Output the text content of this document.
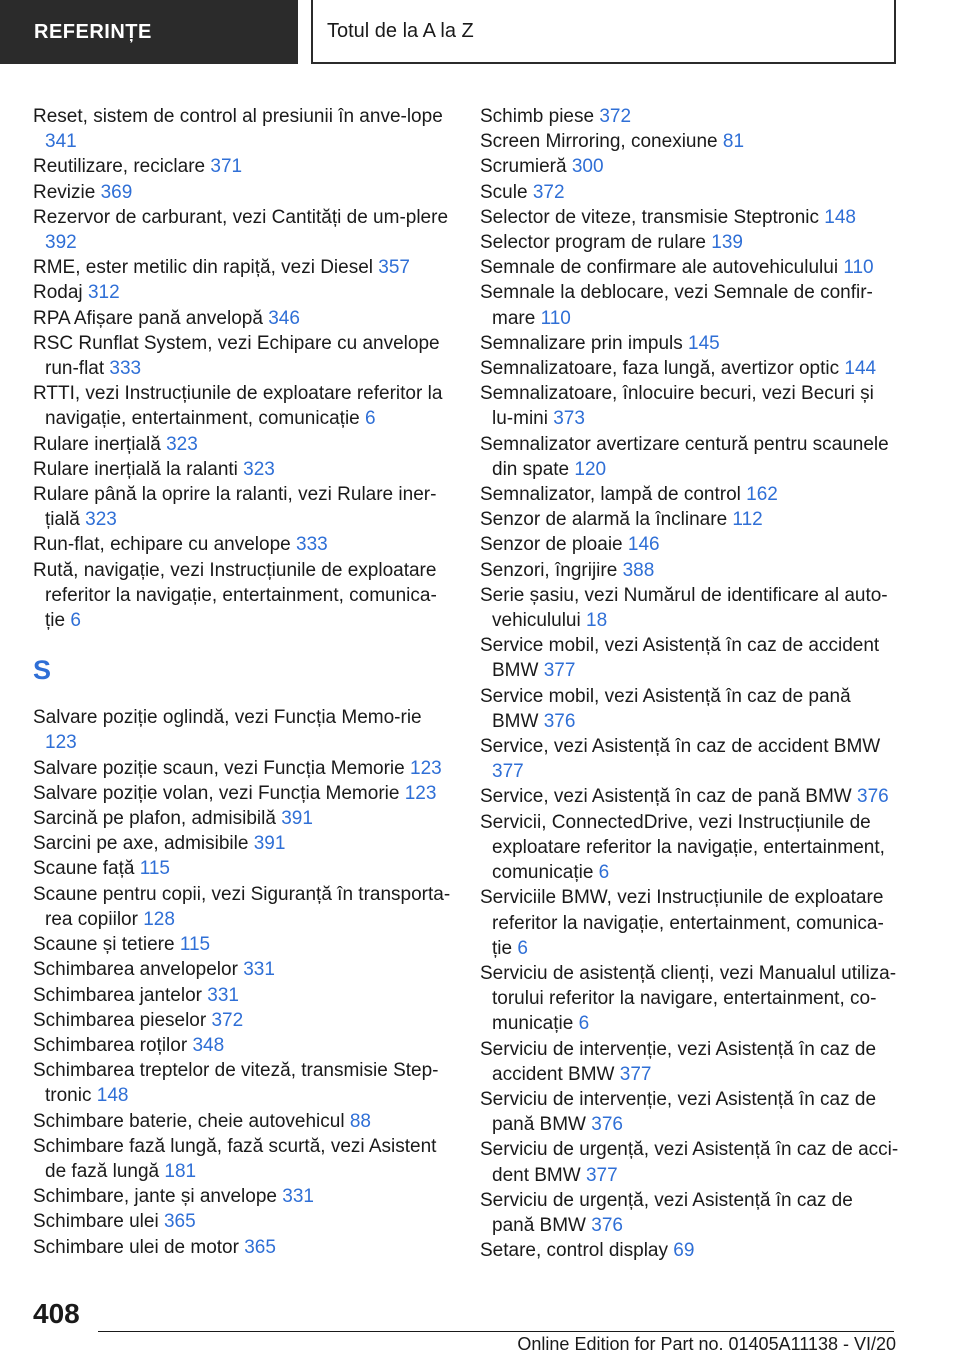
REFERINȚE	Totul de la A la Z
Reset, sistem de control al presiunii în anve-lope 341
Reutilizare, reciclare 371
Revizie 369
Rezervor de carburant, vezi Cantități de um-plere 392
RME, ester metilic din rapiță, vezi Diesel 357
Rodaj 312
RPA Afișare pană anvelopă 346
RSC Runflat System, vezi Echipare cu anvelope run-flat 333
RTTI, vezi Instrucțiunile de exploatare referitor la navigație, entertainment, comunicație 6
Rulare inerțială 323
Rulare inerțială la ralanti 323
Rulare până la oprire la ralanti, vezi Rulare iner-țială 323
Run-flat, echipare cu anvelope 333
Rută, navigație, vezi Instrucțiunile de exploatare referitor la navigație, entertainment, comunica-ție 6
S
Salvare poziție oglindă, vezi Funcția Memo-rie 123
Salvare poziție scaun, vezi Funcția Memorie 123
Salvare poziție volan, vezi Funcția Memorie 123
Sarcină pe plafon, admisibilă 391
Sarcini pe axe, admisibile 391
Scaune față 115
Scaune pentru copii, vezi Siguranță în transporta-rea copiilor 128
Scaune și tetiere 115
Schimbarea anvelopelor 331
Schimbarea jantelor 331
Schimbarea pieselor 372
Schimbarea roților 348
Schimbarea treptelor de viteză, transmisie Step-tronic 148
Schimbare baterie, cheie autovehicul 88
Schimbare fază lungă, fază scurtă, vezi Asistent de fază lungă 181
Schimbare, jante și anvelope 331
Schimbare ulei 365
Schimbare ulei de motor 365
Schimb piese 372
Screen Mirroring, conexiune 81
Scrumieră 300
Scule 372
Selector de viteze, transmisie Steptronic 148
Selector program de rulare 139
Semnale de confirmare ale autovehiculului 110
Semnale la deblocare, vezi Semnale de confir-mare 110
Semnalizare prin impuls 145
Semnalizatoare, faza lungă, avertizor optic 144
Semnalizatoare, înlocuire becuri, vezi Becuri și lu-mini 373
Semnalizator avertizare centură pentru scaunele din spate 120
Semnalizator, lampă de control 162
Senzor de alarmă la înclinare 112
Senzor de ploaie 146
Senzori, îngrijire 388
Serie șasiu, vezi Numărul de identificare al auto-vehiculului 18
Service mobil, vezi Asistență în caz de accident BMW 377
Service mobil, vezi Asistență în caz de pană BMW 376
Service, vezi Asistență în caz de accident BMW 377
Service, vezi Asistență în caz de pană BMW 376
Servicii, ConnectedDrive, vezi Instrucțiunile de exploatare referitor la navigație, entertainment, comunicație 6
Serviciile BMW, vezi Instrucțiunile de exploatare referitor la navigație, entertainment, comunica-ție 6
Serviciu de asistență clienți, vezi Manualul utiliza-torului referitor la navigare, entertainment, co-municație 6
Serviciu de intervenție, vezi Asistență în caz de accident BMW 377
Serviciu de intervenție, vezi Asistență în caz de pană BMW 376
Serviciu de urgență, vezi Asistență în caz de acci-dent BMW 377
Serviciu de urgență, vezi Asistență în caz de pană BMW 376
Setare, control display 69
408
Online Edition for Part no. 01405A11138 - VI/20
